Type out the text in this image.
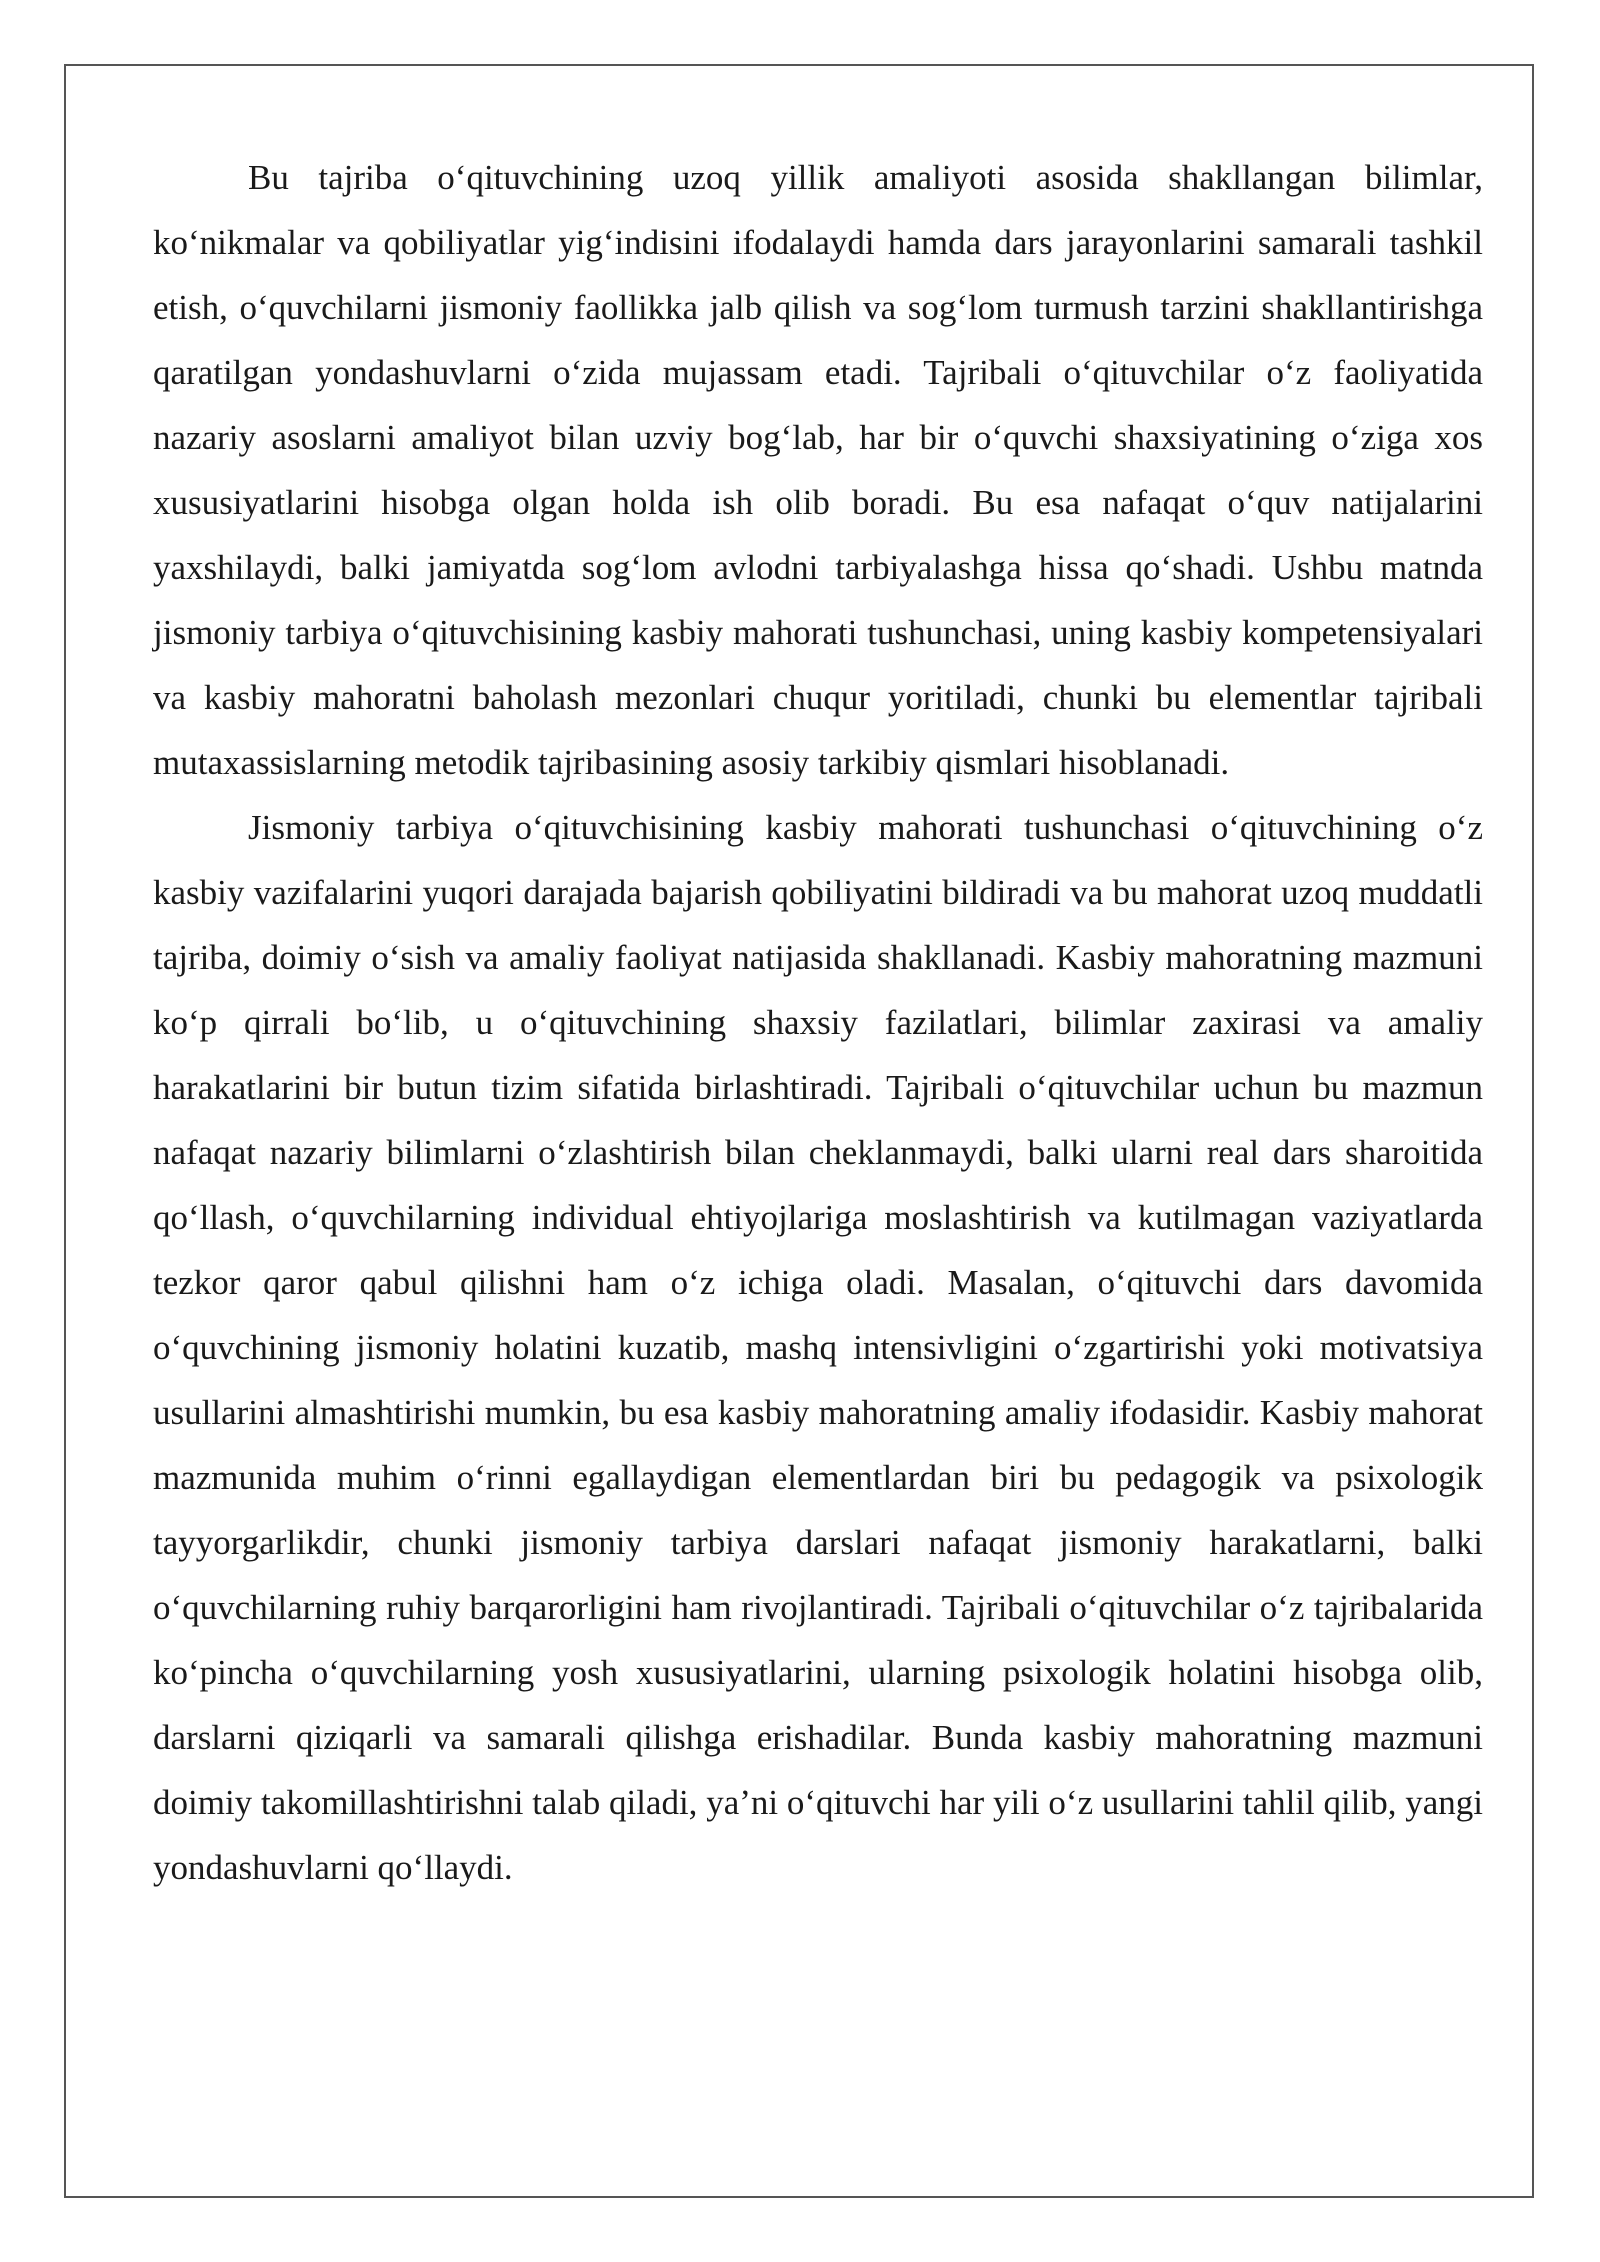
Bu tajriba oʻqituvchining uzoq yillik amaliyoti asosida shakllangan bilimlar, koʻnikmalar va qobiliyatlar yigʻindisini ifodalaydi hamda dars jarayonlarini samarali tashkil etish, oʻquvchilarni jismoniy faollikka jalb qilish va sogʻlom turmush tarzini shakllantirishga qaratilgan yondashuvlarni oʻzida mujassam etadi. Tajribali oʻqituvchilar oʻz faoliyatida nazariy asoslarni amaliyot bilan uzviy bogʻlab, har bir oʻquvchi shaxsiyatining oʻziga xos xususiyatlarini hisobga olgan holda ish olib boradi. Bu esa nafaqat oʻquv natijalarini yaxshilaydi, balki jamiyatda sogʻlom avlodni tarbiyalashga hissa qoʻshadi. Ushbu matnda jismoniy tarbiya oʻqituvchisining kasbiy mahorati tushunchasi, uning kasbiy kompetensiyalari va kasbiy mahoratni baholash mezonlari chuqur yoritiladi, chunki bu elementlar tajribali mutaxassislarning metodik tajribasining asosiy tarkibiy qismlari hisoblanadi.

Jismoniy tarbiya oʻqituvchisining kasbiy mahorati tushunchasi oʻqituvchining oʻz kasbiy vazifalarini yuqori darajada bajarish qobiliyatini bildiradi va bu mahorat uzoq muddatli tajriba, doimiy oʻsish va amaliy faoliyat natijasida shakllanadi. Kasbiy mahoratning mazmuni koʻp qirrali boʻlib, u oʻqituvchining shaxsiy fazilatlari, bilimlar zaxirasi va amaliy harakatlarini bir butun tizim sifatida birlashtiradi. Tajribali oʻqituvchilar uchun bu mazmun nafaqat nazariy bilimlarni oʻzlashtirish bilan cheklanmaydi, balki ularni real dars sharoitida qoʻllash, oʻquvchilarning individual ehtiyojlariga moslashtirish va kutilmagan vaziyatlarda tezkor qaror qabul qilishni ham oʻz ichiga oladi. Masalan, oʻqituvchi dars davomida oʻquvchining jismoniy holatini kuzatib, mashq intensivligini oʻzgartirishi yoki motivatsiya usullarini almashtirishi mumkin, bu esa kasbiy mahoratning amaliy ifodasidir. Kasbiy mahorat mazmunida muhim oʻrinni egallaydigan elementlardan biri bu pedagogik va psixologik tayyorgarlikdir, chunki jismoniy tarbiya darslari nafaqat jismoniy harakatlarni, balki oʻquvchilarning ruhiy barqarorligini ham rivojlantiradi. Tajribali oʻqituvchilar oʻz tajribalarida koʻpincha oʻquvchilarning yosh xususiyatlarini, ularning psixologik holatini hisobga olib, darslarni qiziqarli va samarali qilishga erishadilar. Bunda kasbiy mahoratning mazmuni doimiy takomillashtirishni talab qiladi, yaʼni oʻqituvchi har yili oʻz usullarini tahlil qilib, yangi yondashuvlarni qoʻllaydi.
